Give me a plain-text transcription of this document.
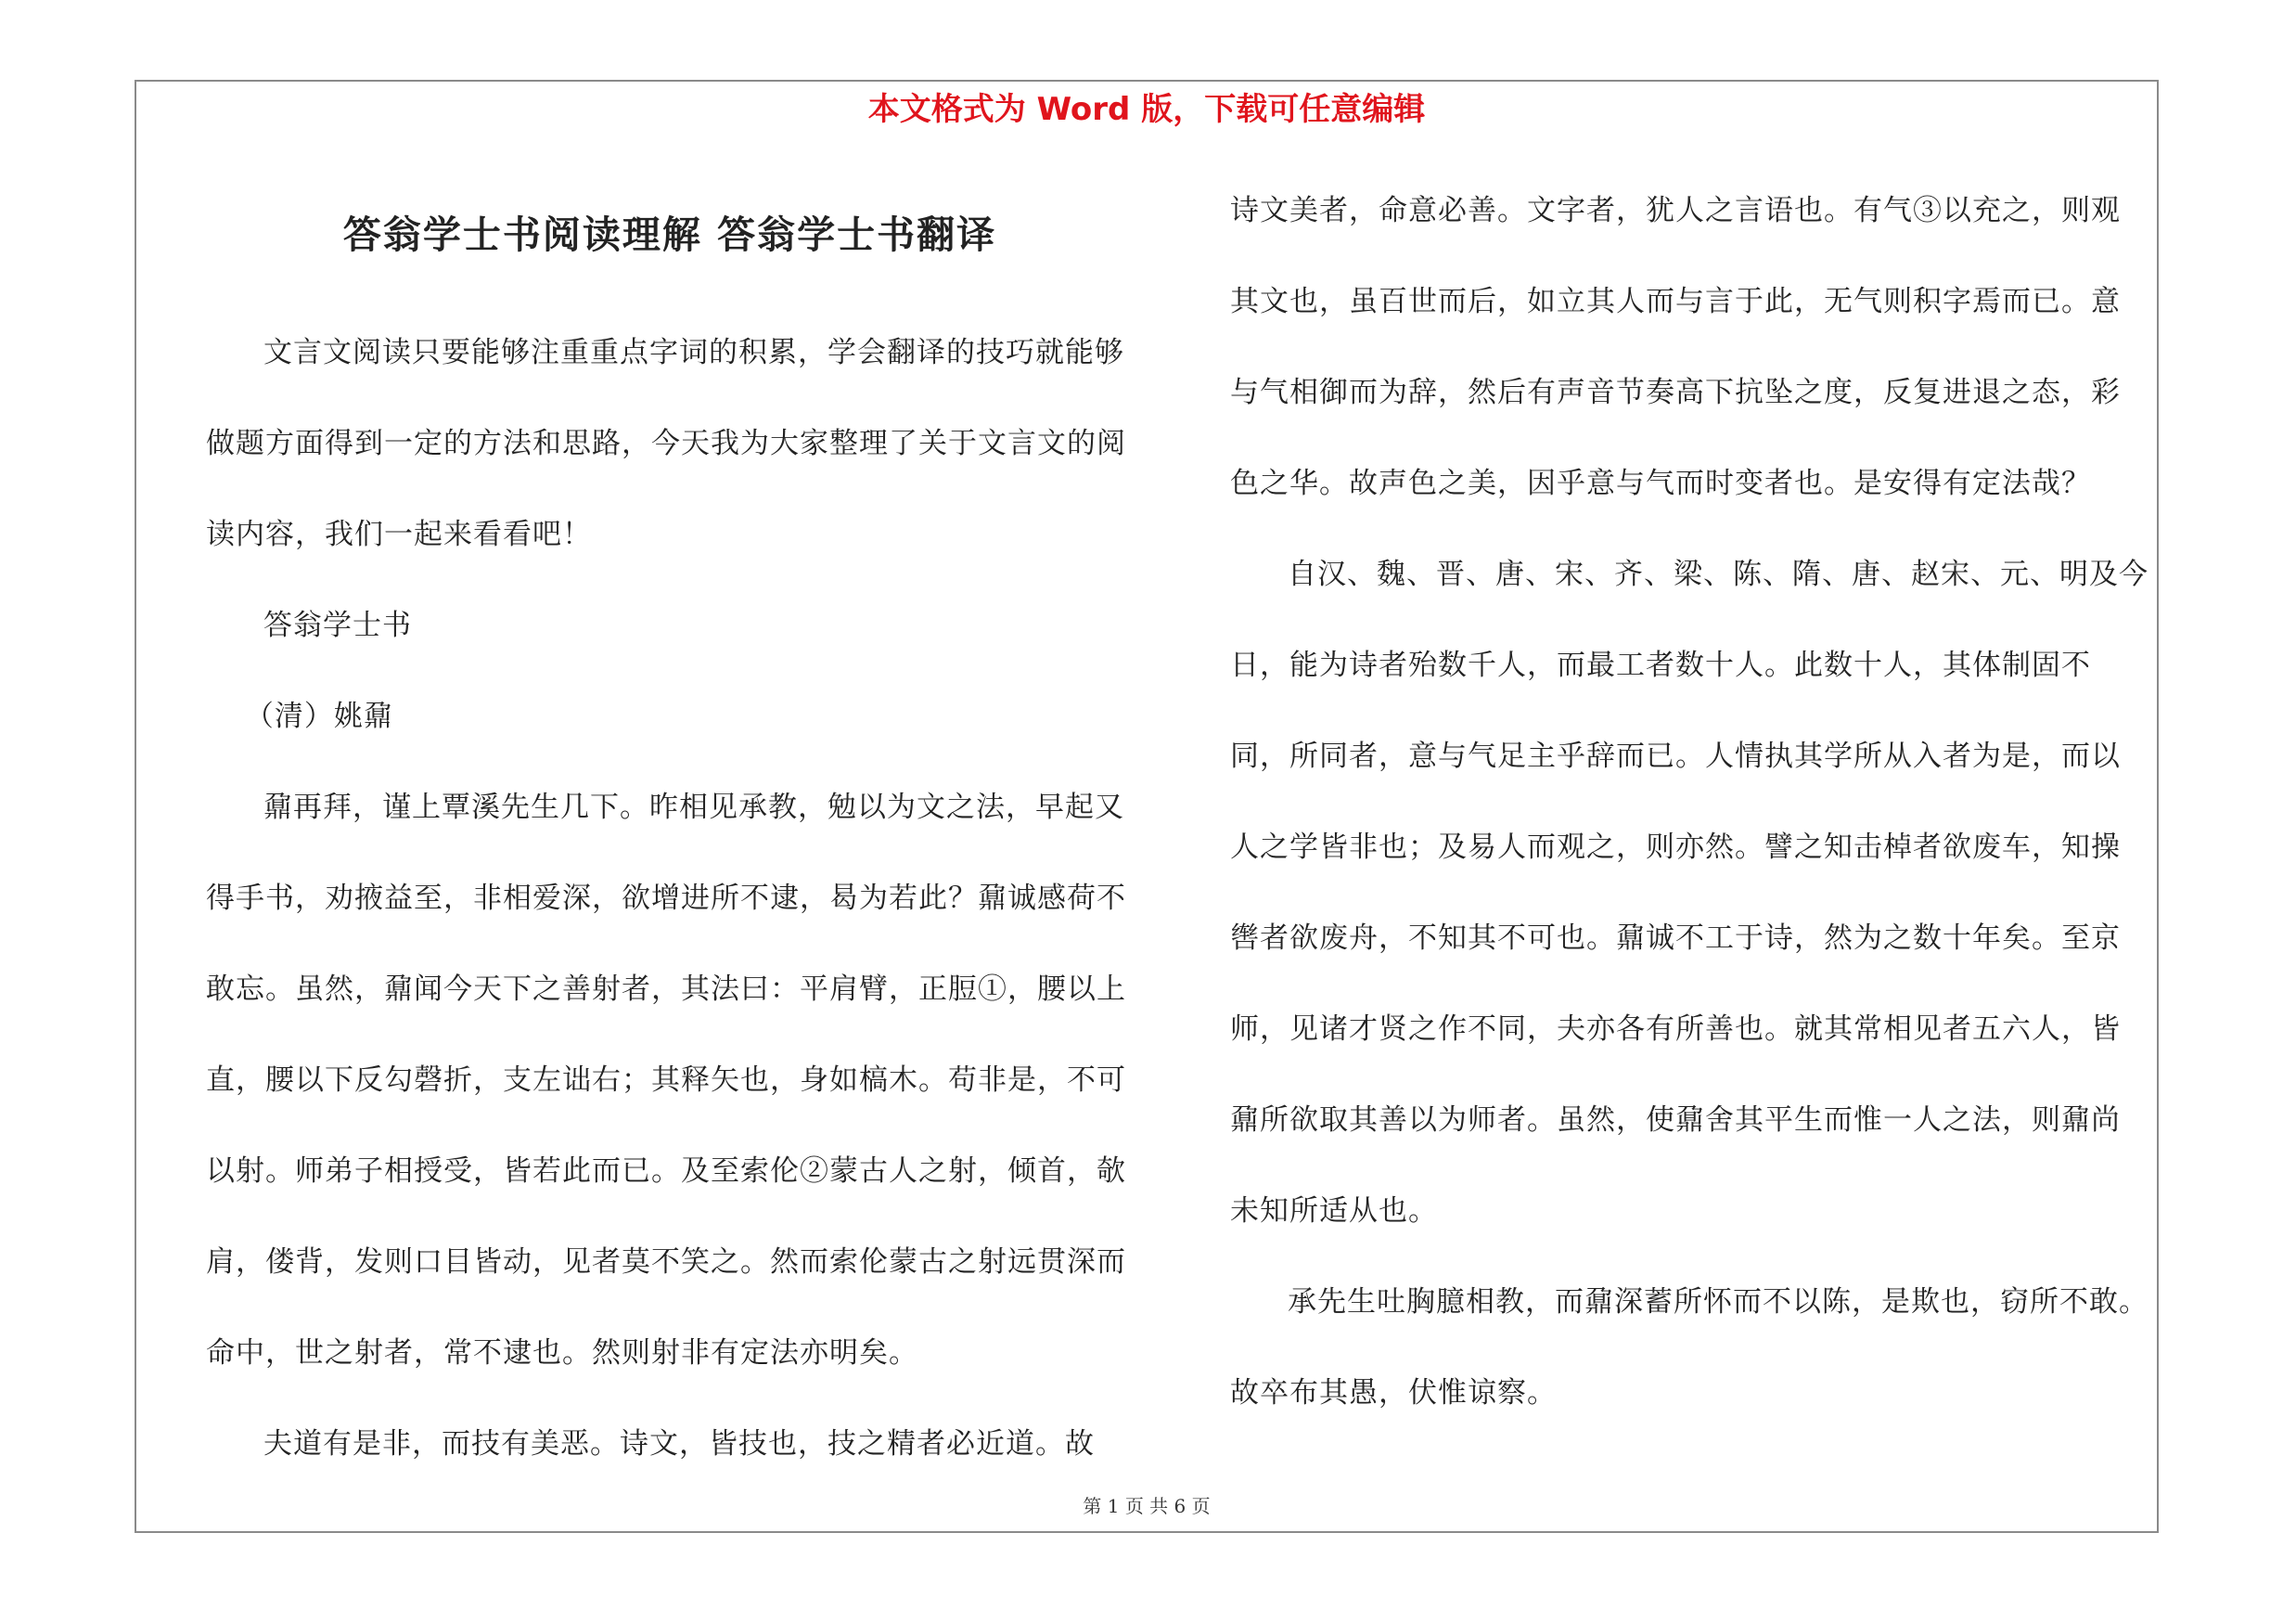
本文格式为 Word 版，下载可任意编辑
答翁学士书阅读理解 答翁学士书翻译

文言文阅读只要能够注重重点字词的积累，学会翻译的技巧就能够做题方面得到一定的方法和思路，今天我为大家整理了关于文言文的阅读内容，我们一起来看看吧！

答翁学士书

（清）姚鼐

鼐再拜，谨上覃溪先生几下。昨相见承教，勉以为文之法，早起又得手书，劝掖益至，非相爱深，欲增进所不逮，曷为若此？鼐诚感荷不敢忘。虽然，鼐闻今天下之善射者，其法曰：平肩臂，正脰①，腰以上直，腰以下反勾磬折，支左诎右；其释矢也，身如槁木。苟非是，不可以射。师弟子相授受，皆若此而已。及至索伦②蒙古人之射，倾首，欹肩，偻背，发则口目皆动，见者莫不笑之。然而索伦蒙古之射远贯深而命中，世之射者，常不逮也。然则射非有定法亦明矣。

夫道有是非，而技有美恶。诗文，皆技也，技之精者必近道。故

诗文美者，命意必善。文字者，犹人之言语也。有气③以充之，则观其文也，虽百世而后，如立其人而与言于此，无气则积字焉而已。意与气相御而为辞，然后有声音节奏高下抗坠之度，反复进退之态，彩色之华。故声色之美，因乎意与气而时变者也。是安得有定法哉？

自汉、魏、晋、唐、宋、齐、梁、陈、隋、唐、赵宋、元、明及今日，能为诗者殆数千人，而最工者数十人。此数十人，其体制固不同，所同者，意与气足主乎辞而已。人情执其学所从入者为是，而以人之学皆非也；及易人而观之，则亦然。譬之知击棹者欲废车，知操辔者欲废舟，不知其不可也。鼐诚不工于诗，然为之数十年矣。至京师，见诸才贤之作不同，夫亦各有所善也。就其常相见者五六人，皆鼐所欲取其善以为师者。虽然，使鼐舍其平生而惟一人之法，则鼐尚未知所适从也。

承先生吐胸臆相教，而鼐深蓄所怀而不以陈，是欺也，窃所不敢。故卒布其愚，伏惟谅察。

第 1 页 共 6 页
